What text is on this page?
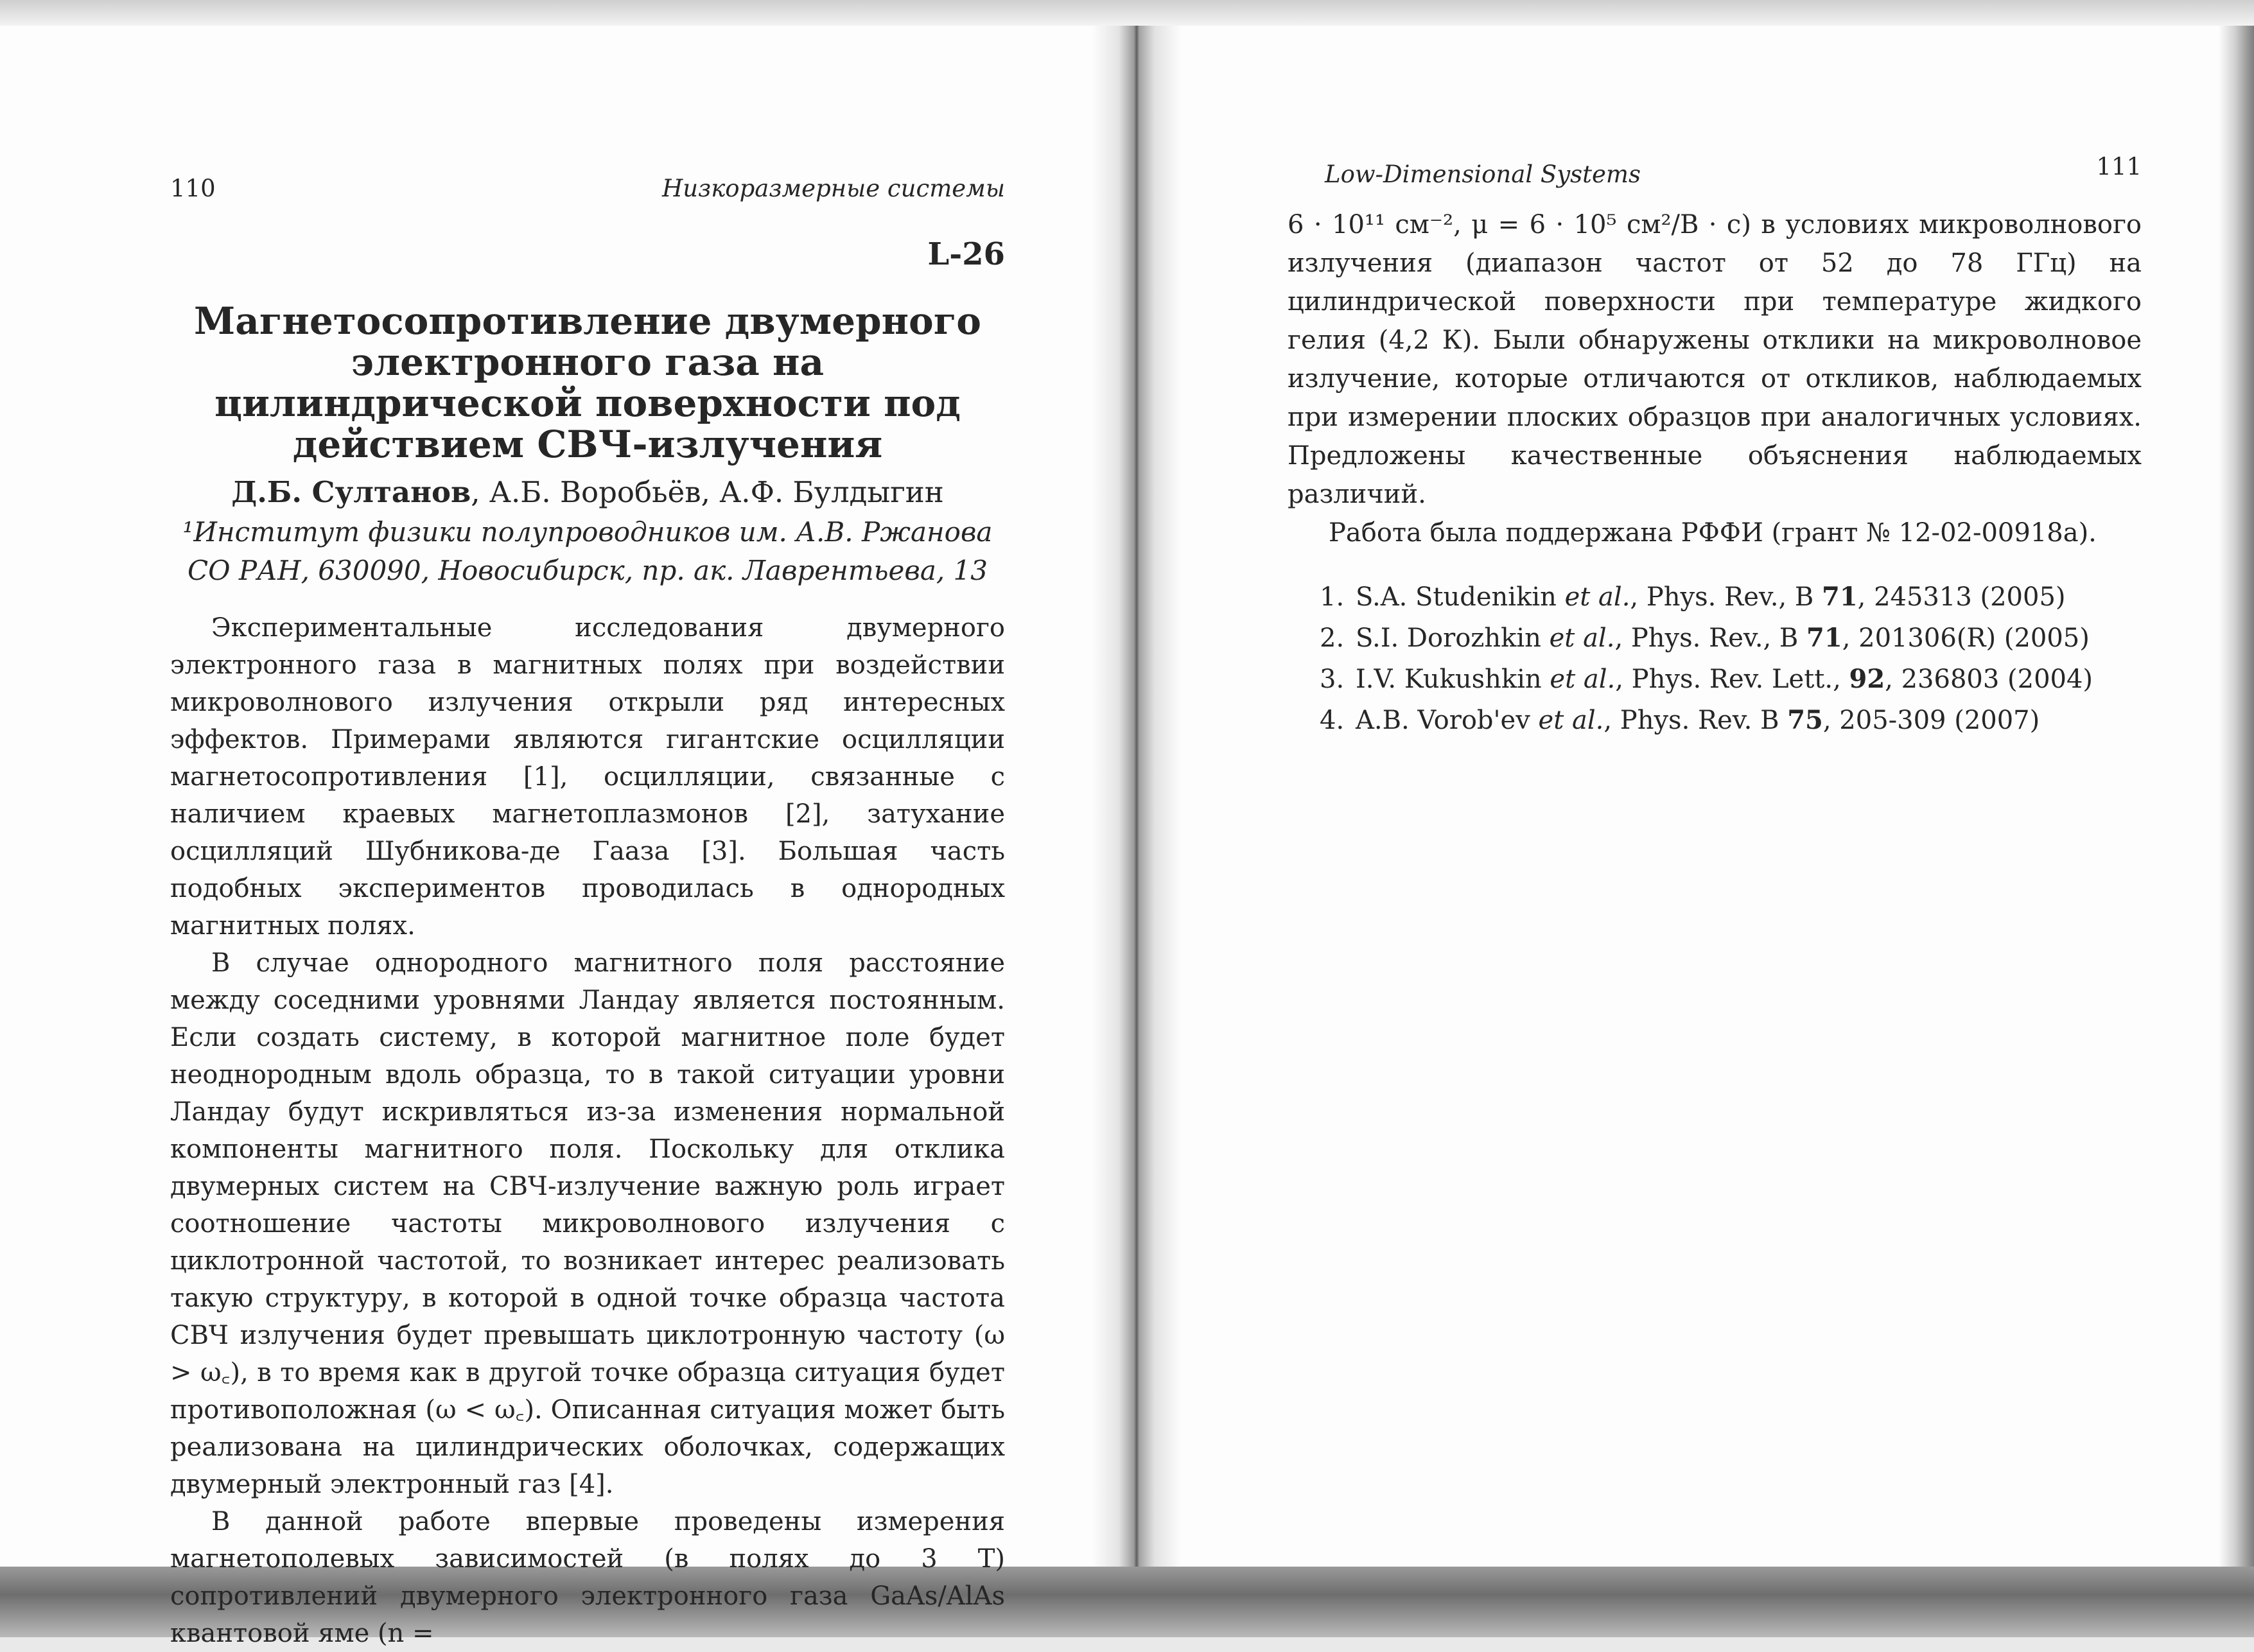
110	Низкоразмерные системы
L-26
Магнетосопротивление двумерного электронного газа на цилиндрической поверхности под действием СВЧ-излучения
Д.Б. Султанов, А.Б. Воробьёв, А.Ф. Булдыгин
¹Институт физики полупроводников им. А.В. Ржанова
СО РАН, 630090, Новосибирск, пр. ак. Лаврентьева, 13

Экспериментальные исследования двумерного электронного газа в магнитных полях при воздействии микроволнового излучения открыли ряд интересных эффектов. Примерами являются гигантские осцилляции магнетосопротивления [1], осцилляции, связанные с наличием краевых магнетоплазмонов [2], затухание осцилляций Шубникова-де Гааза [3]. Большая часть подобных экспериментов проводилась в однородных магнитных полях.

В случае однородного магнитного поля расстояние между соседними уровнями Ландау является постоянным. Если создать систему, в которой магнитное поле будет неоднородным вдоль образца, то в такой ситуации уровни Ландау будут искривляться из-за изменения нормальной компоненты магнитного поля. Поскольку для отклика двумерных систем на СВЧ-излучение важную роль играет соотношение частоты микроволнового излучения с циклотронной частотой, то возникает интерес реализовать такую структуру, в которой в одной точке образца частота СВЧ излучения будет превышать циклотронную частоту (ω > ω꜀), в то время как в другой точке образца ситуация будет противоположная (ω < ω꜀). Описанная ситуация может быть реализована на цилиндрических оболочках, содержащих двумерный электронный газ [4].

В данной работе впервые проведены измерения магнетополевых зависимостей (в полях до 3 Т) сопротивлений двумерного электронного газа GaAs/AlAs квантовой яме (n =

Low-Dimensional Systems	111

6 · 10¹¹ см⁻², μ = 6 · 10⁵ см²/В · с) в условиях микроволнового излучения (диапазон частот от 52 до 78 ГГц) на цилиндрической поверхности при температуре жидкого гелия (4,2 К). Были обнаружены отклики на микроволновое излучение, которые отличаются от откликов, наблюдаемых при измерении плоских образцов при аналогичных условиях. Предложены качественные объяснения наблюдаемых различий.

Работа была поддержана РФФИ (грант № 12-02-00918а).

1. S.A. Studenikin et al., Phys. Rev., B 71, 245313 (2005)
2. S.I. Dorozhkin et al., Phys. Rev., B 71, 201306(R) (2005)
3. I.V. Kukushkin et al., Phys. Rev. Lett., 92, 236803 (2004)
4. A.B. Vorob'ev et al., Phys. Rev. B 75, 205-309 (2007)
